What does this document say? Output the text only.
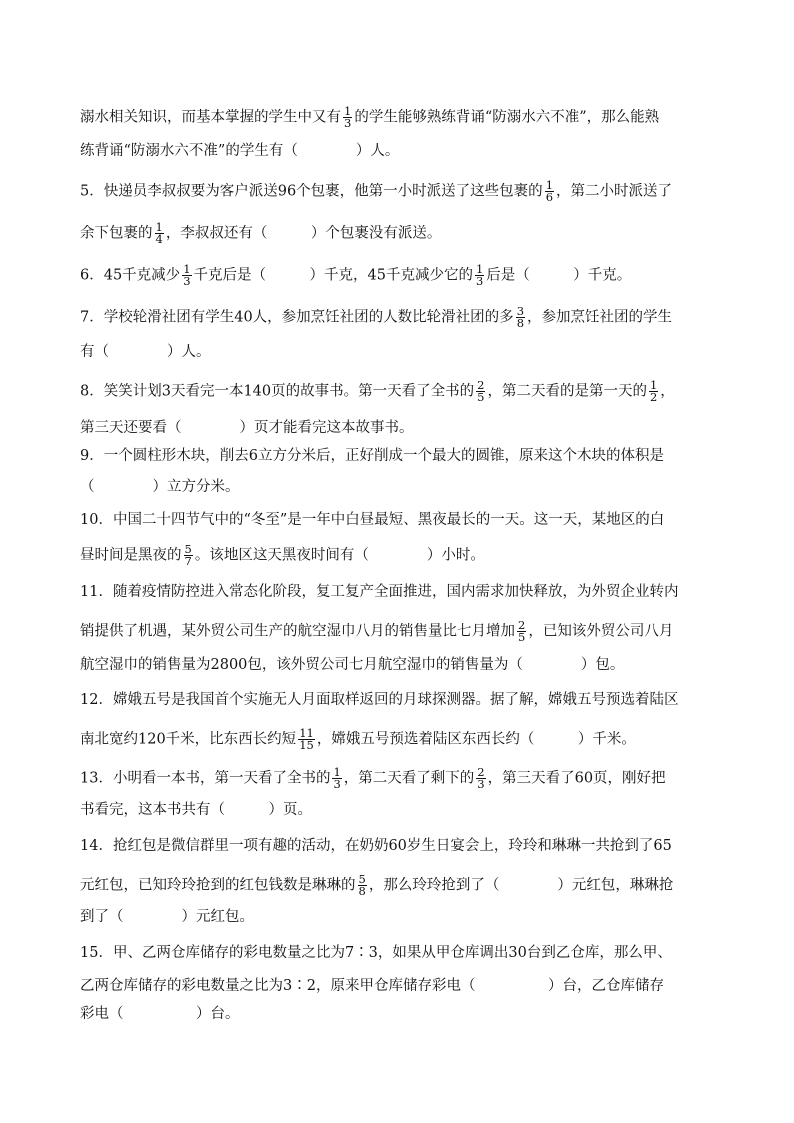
溺水相关知识，而基本掌握的学生中又有 $\frac{1}{3}$ 的学生能够熟练背诵“防溺水六不准”，那么能熟
练背诵“防溺水六不准”的学生有（　　　　）人。
5．快递员李叔叔要为客户派送96个包裹，他第一小时派送了这些包裹的 $\frac{1}{6}$ ，第二小时派送了
余下包裹的 $\frac{1}{4}$ ，李叔叔还有（　　　）个包裹没有派送。
6．45千克减少 $\frac{1}{3}$ 千克后是（　　　）千克，45千克减少它的 $\frac{1}{3}$ 后是（　　　）千克。
7．学校轮滑社团有学生40人，参加烹饪社团的人数比轮滑社团的多 $\frac{3}{8}$ ，参加烹饪社团的学生
有（　　　　）人。
8．笑笑计划3天看完一本140页的故事书。第一天看了全书的 $\frac{2}{5}$ ，第二天看的是第一天的 $\frac{1}{2}$ ，
第三天还要看（　　　　）页才能看完这本故事书。
9．一个圆柱形木块，削去6立方分米后，正好削成一个最大的圆锥，原来这个木块的体积是
（　　　　）立方分米。
10．中国二十四节气中的“冬至”是一年中白昼最短、黑夜最长的一天。这一天，某地区的白
昼时间是黑夜的 $\frac{5}{7}$ 。该地区这天黑夜时间有（　　　　）小时。
11．随着疫情防控进入常态化阶段，复工复产全面推进，国内需求加快释放，为外贸企业转内
销提供了机遇，某外贸公司生产的航空湿巾八月的销售量比七月增加 $\frac{2}{5}$ ，已知该外贸公司八月
航空湿巾的销售量为2800包，该外贸公司七月航空湿巾的销售量为（　　　　）包。
12．嫦娥五号是我国首个实施无人月面取样返回的月球探测器。据了解，嫦娥五号预选着陆区
南北宽约120千米，比东西长约短 $\frac{11}{15}$ ，嫦娥五号预选着陆区东西长约（　　　）千米。
13．小明看一本书，第一天看了全书的 $\frac{1}{3}$ ，第二天看了剩下的 $\frac{2}{3}$ ，第三天看了60页，刚好把
书看完，这本书共有（　　　）页。
14．抢红包是微信群里一项有趣的活动，在奶奶60岁生日宴会上，玲玲和琳琳一共抢到了65
元红包，已知玲玲抢到的红包钱数是琳琳的 $\frac{5}{8}$ ，那么玲玲抢到了（　　　　）元红包，琳琳抢
到了（　　　　）元红包。
15．甲、乙两仓库储存的彩电数量之比为7∶3，如果从甲仓库调出30台到乙仓库，那么甲、
乙两仓库储存的彩电数量之比为3∶2，原来甲仓库储存彩电（　　　　　）台，乙仓库储存
彩电（　　　　　）台。
